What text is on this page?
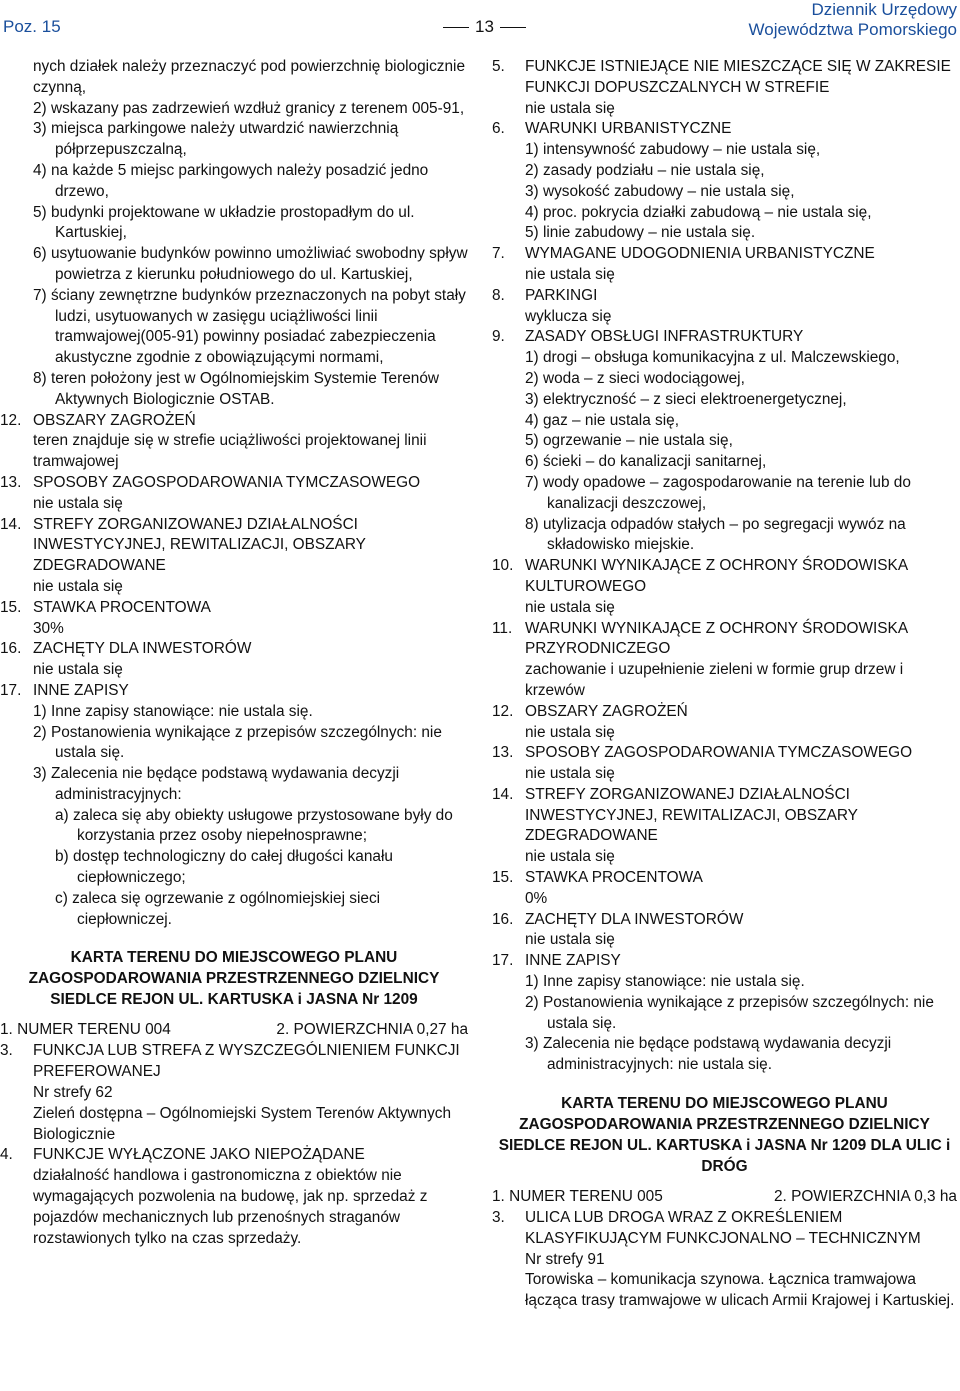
Poz. 15	13
Dziennik Urzędowy
Województwa Pomorskiego

nych działek należy przeznaczyć pod powierzchnię biologicznie czynną,

2) wskazany pas zadrzewień wzdłuż granicy z terenem 005-91,

3) miejsca parkingowe należy utwardzić nawierzchnią półprzepuszczalną,

4) na każde 5 miejsc parkingowych należy posadzić jedno drzewo,

5) budynki projektowane w układzie prostopadłym do ul. Kartuskiej,

6) usytuowanie budynków powinno umożliwiać swobodny spływ powietrza z kierunku południowego do ul. Kartuskiej,

7) ściany zewnętrzne budynków przeznaczonych na pobyt stały ludzi, usytuowanych w zasięgu uciążliwości linii tramwajowej(005-91) powinny posiadać zabezpieczenia akustyczne zgodnie z obowiązującymi normami,

8) teren położony jest w Ogólnomiejskim Systemie Terenów Aktywnych Biologicznie OSTAB.

12. OBSZARY ZAGROŻEŃ

teren znajduje się w strefie uciążliwości projektowanej linii tramwajowej

13. SPOSOBY ZAGOSPODAROWANIA TYMCZASOWEGO

nie ustala się

14. STREFY ZORGANIZOWANEJ DZIAŁALNOŚCI INWESTYCYJNEJ, REWITALIZACJI, OBSZARY ZDEGRADOWANE

nie ustala się

15. STAWKA PROCENTOWA

30%

16. ZACHĘTY DLA INWESTORÓW

nie ustala się

17. INNE ZAPISY

1) Inne zapisy stanowiące: nie ustala się.

2) Postanowienia wynikające z przepisów szczególnych: nie ustala się.

3) Zalecenia nie będące podstawą wydawania decyzji administracyjnych:

a) zaleca się aby obiekty usługowe przystosowane były do korzystania przez osoby niepełnosprawne;

b) dostęp technologiczny do całej długości kanału ciepłowniczego;

c) zaleca się ogrzewanie z ogólnomiejskiej sieci ciepłowniczej.

KARTA TERENU DO MIEJSCOWEGO PLANU ZAGOSPODAROWANIA PRZESTRZENNEGO DZIELNICY SIEDLCE REJON UL. KARTUSKA i JASNA Nr 1209

1. NUMER TERENU 004	2. POWIERZCHNIA 0,27 ha
3. FUNKCJA LUB STREFA Z WYSZCZEGÓLNIENIEM FUNKCJI PREFEROWANEJ

Nr strefy 62

Zieleń dostępna – Ogólnomiejski System Terenów Aktywnych Biologicznie

4. FUNKCJE WYŁĄCZONE JAKO NIEPOŻĄDANE

działalność handlowa i gastronomiczna z obiektów nie wymagających pozwolenia na budowę, jak np. sprzedaż z pojazdów mechanicznych lub przenośnych straganów rozstawionych tylko na czas sprzedaży.

5. FUNKCJE ISTNIEJĄCE NIE MIESZCZĄCE SIĘ W ZAKRESIE FUNKCJI DOPUSZCZALNYCH W STREFIE

nie ustala się

6. WARUNKI URBANISTYCZNE

1) intensywność zabudowy – nie ustala się,

2) zasady podziału – nie ustala się,

3) wysokość zabudowy – nie ustala się,

4) proc. pokrycia działki zabudową – nie ustala się,

5) linie zabudowy – nie ustala się.

7. WYMAGANE UDOGODNIENIA URBANISTYCZNE

nie ustala się

8. PARKINGI

wyklucza się

9. ZASADY OBSŁUGI INFRASTRUKTURY

1) drogi – obsługa komunikacyjna z ul. Malczewskiego,

2) woda – z sieci wodociągowej,

3) elektryczność – z sieci elektroenergetycznej,

4) gaz – nie ustala się,

5) ogrzewanie – nie ustala się,

6) ścieki – do kanalizacji sanitarnej,

7) wody opadowe – zagospodarowanie na terenie lub do kanalizacji deszczowej,

8) utylizacja odpadów stałych – po segregacji wywóz na składowisko miejskie.

10. WARUNKI WYNIKAJĄCE Z OCHRONY ŚRODOWISKA KULTUROWEGO

nie ustala się

11. WARUNKI WYNIKAJĄCE Z OCHRONY ŚRODOWISKA PRZYRODNICZEGO

zachowanie i uzupełnienie zieleni w formie grup drzew i krzewów

12. OBSZARY ZAGROŻEŃ

nie ustala się

13. SPOSOBY ZAGOSPODAROWANIA TYMCZASOWEGO

nie ustala się

14. STREFY ZORGANIZOWANEJ DZIAŁALNOŚCI INWESTYCYJNEJ, REWITALIZACJI, OBSZARY ZDEGRADOWANE

nie ustala się

15. STAWKA PROCENTOWA

0%

16. ZACHĘTY DLA INWESTORÓW

nie ustala się

17. INNE ZAPISY

1) Inne zapisy stanowiące: nie ustala się.

2) Postanowienia wynikające z przepisów szczególnych: nie ustala się.

3) Zalecenia nie będące podstawą wydawania decyzji administracyjnych: nie ustala się.

KARTA TERENU DO MIEJSCOWEGO PLANU ZAGOSPODAROWANIA PRZESTRZENNEGO DZIELNICY SIEDLCE REJON UL. KARTUSKA i JASNA Nr 1209 DLA ULIC i DRÓG

1. NUMER TERENU 005	2. POWIERZCHNIA 0,3 ha
3. ULICA LUB DROGA WRAZ Z OKREŚLENIEM KLASYFIKUJĄCYM FUNKCJONALNO – TECHNICZNYM

Nr strefy 91

Torowiska – komunikacja szynowa. Łącznica tramwajowa łącząca trasy tramwajowe w ulicach Armii Krajowej i Kartuskiej.
